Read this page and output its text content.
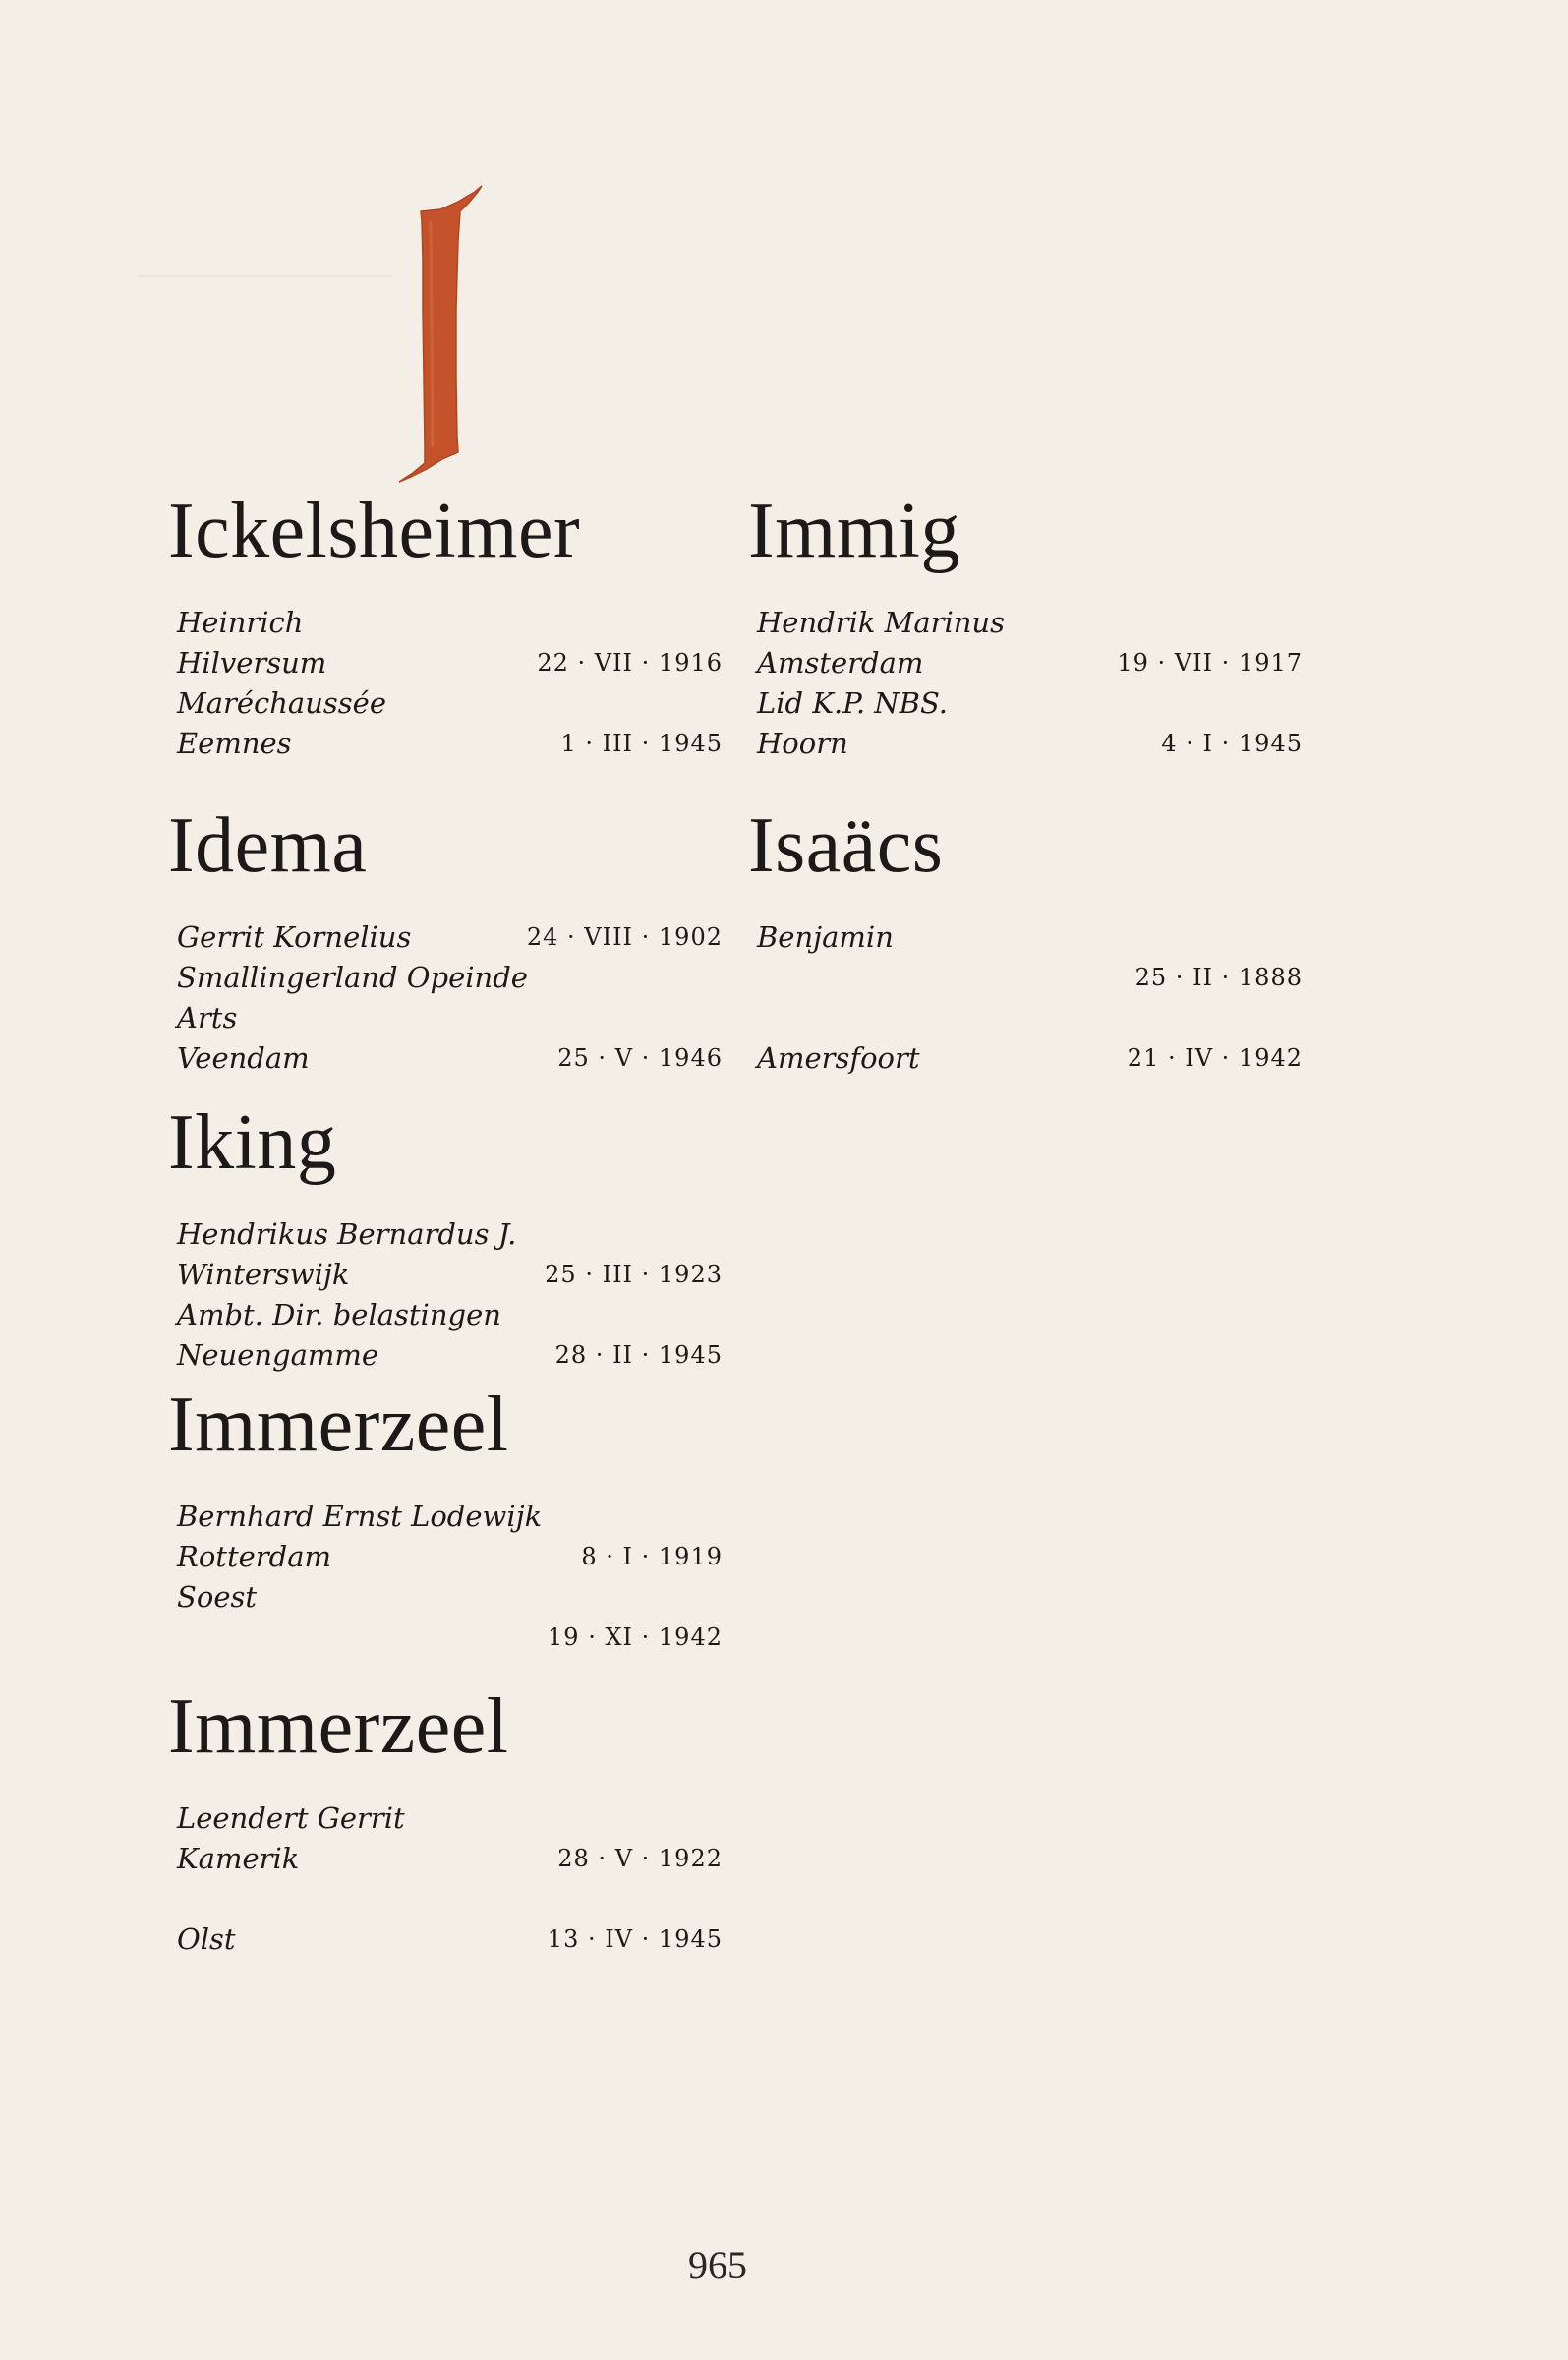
Ickelsheimer
Heinrich
Hilversum	22 · VII · 1916
Maréchaussée
Eemnes	1 · III · 1945
Idema
Gerrit Kornelius	24 · VIII · 1902
Smallingerland Opeinde
Arts
Veendam	25 · V · 1946
Iking
Hendrikus Bernardus J.
Winterswijk	25 · III · 1923
Ambt. Dir. belastingen
Neuengamme	28 · II · 1945
Immerzeel
Bernhard Ernst Lodewijk
Rotterdam	8 · I · 1919
Soest
19 · XI · 1942
Immerzeel
Leendert Gerrit
Kamerik	28 · V · 1922
Olst	13 · IV · 1945
Immig
Hendrik Marinus
Amsterdam	19 · VII · 1917
Lid K.P. NBS.
Hoorn	4 · I · 1945
Isaäcs
Benjamin
25 · II · 1888
Amersfoort	21 · IV · 1942
965
